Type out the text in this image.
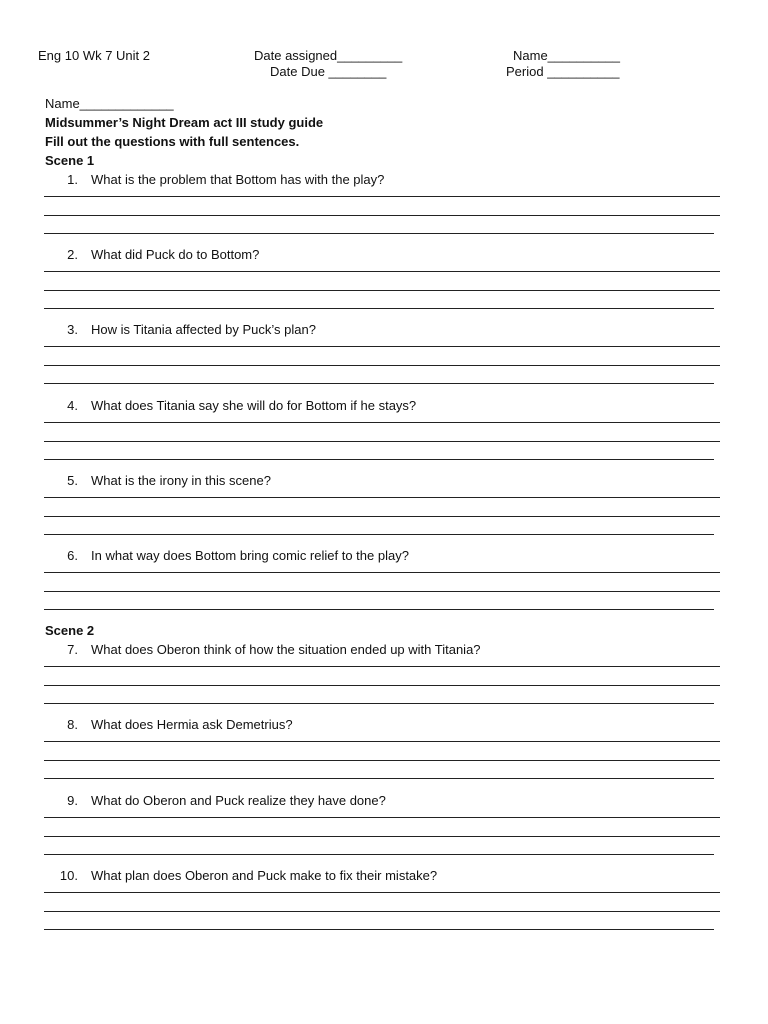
Eng 10 Wk 7 Unit 2	Date assigned_________
Date Due ________
Name__________
Period __________
Name_____________
Midsummer’s Night Dream act III study guide
Fill out the questions with full sentences.
Scene 1
1. What is the problem that Bottom has with the play?
2. What did Puck do to Bottom?
3. How is Titania affected by Puck’s plan?
4. What does Titania say she will do for Bottom if he stays?
5. What is the irony in this scene?
6. In what way does Bottom bring comic relief to the play?
Scene 2
7. What does Oberon think of how the situation ended up with Titania?
8. What does Hermia ask Demetrius?
9. What do Oberon and Puck realize they have done?
10. What plan does Oberon and Puck make to fix their mistake?
